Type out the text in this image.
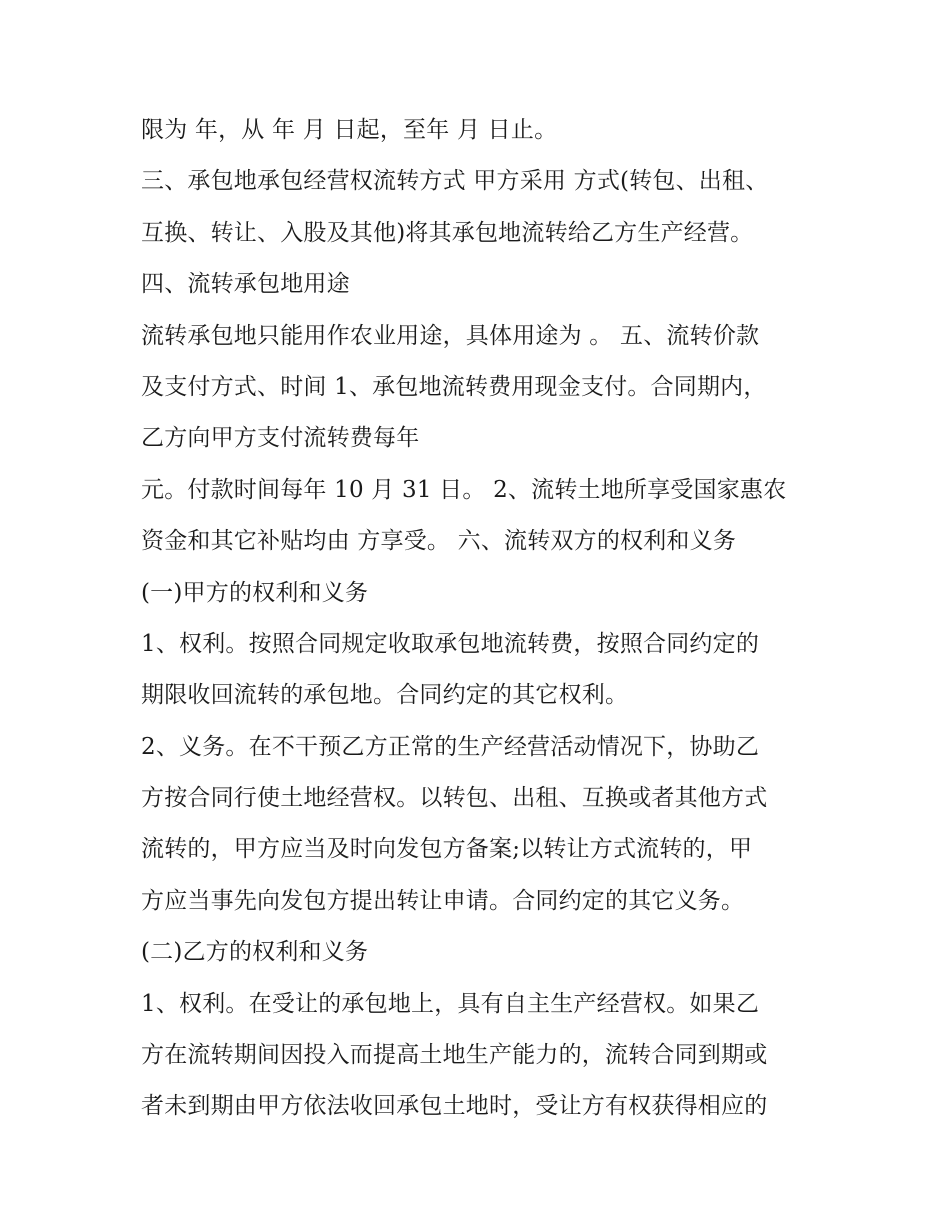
限为 年，从 年 月 日起，至年 月 日止。
三、承包地承包经营权流转方式 甲方采用 方式(转包、出租、
互换、转让、入股及其他)将其承包地流转给乙方生产经营。
四、流转承包地用途
流转承包地只能用作农业用途，具体用途为 。 五、流转价款
及支付方式、时间 1、承包地流转费用现金支付。合同期内，
乙方向甲方支付流转费每年
元。付款时间每年 10 月 31 日。 2、流转土地所享受国家惠农
资金和其它补贴均由 方享受。 六、流转双方的权利和义务
(一)甲方的权利和义务
1、权利。按照合同规定收取承包地流转费，按照合同约定的
期限收回流转的承包地。合同约定的其它权利。
2、义务。在不干预乙方正常的生产经营活动情况下，协助乙
方按合同行使土地经营权。以转包、出租、互换或者其他方式
流转的，甲方应当及时向发包方备案;以转让方式流转的，甲
方应当事先向发包方提出转让申请。合同约定的其它义务。
(二)乙方的权利和义务
1、权利。在受让的承包地上，具有自主生产经营权。如果乙
方在流转期间因投入而提高土地生产能力的，流转合同到期或
者未到期由甲方依法收回承包土地时，受让方有权获得相应的
